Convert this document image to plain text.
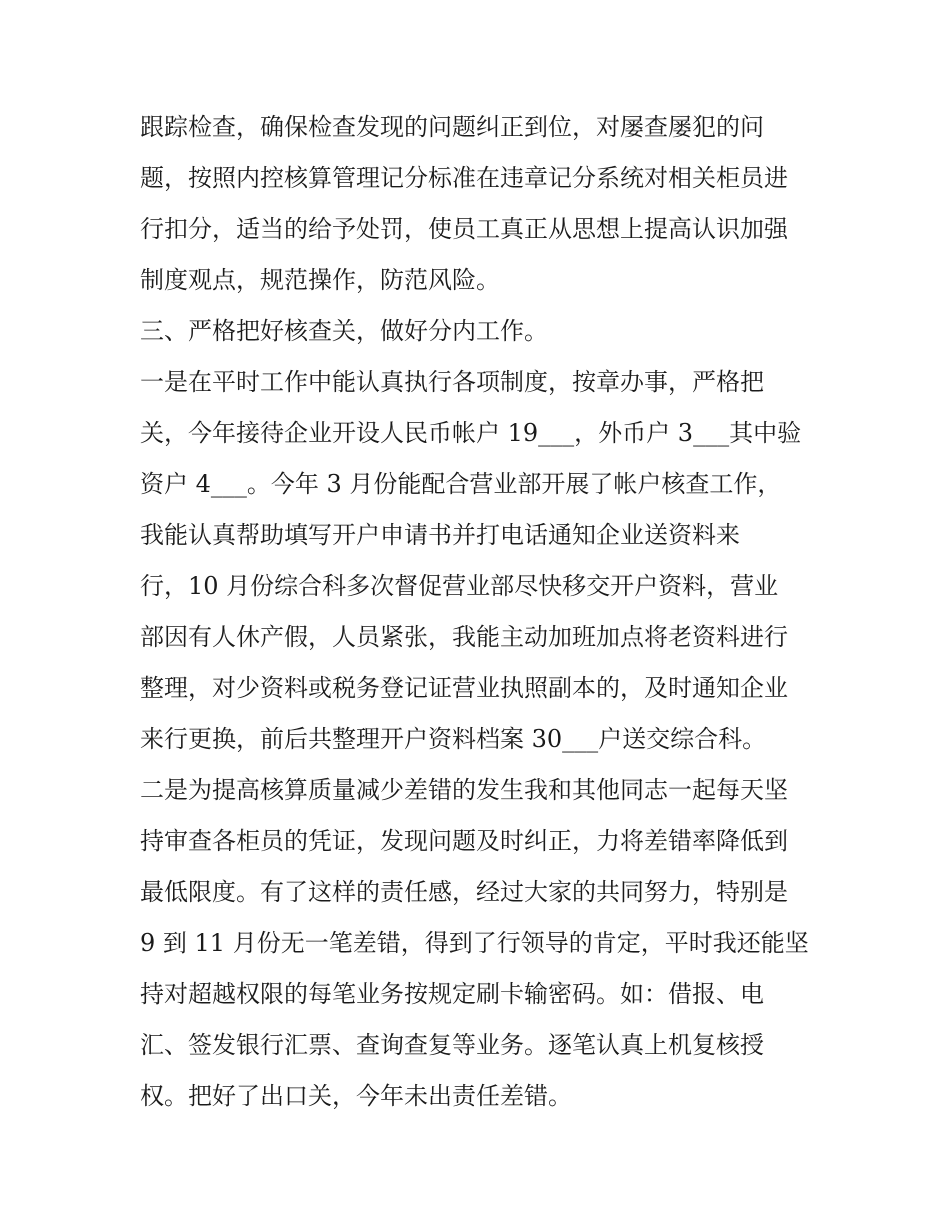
跟踪检查，确保检查发现的问题纠正到位，对屡查屡犯的问
题，按照内控核算管理记分标准在违章记分系统对相关柜员进
行扣分，适当的给予处罚，使员工真正从思想上提高认识加强
制度观点，规范操作，防范风险。
三、严格把好核查关，做好分内工作。
一是在平时工作中能认真执行各项制度，按章办事，严格把
关，今年接待企业开设人民币帐户 19___，外币户 3___其中验
资户 4___。今年 3 月份能配合营业部开展了帐户核查工作，
我能认真帮助填写开户申请书并打电话通知企业送资料来
行，10 月份综合科多次督促营业部尽快移交开户资料，营业
部因有人休产假，人员紧张，我能主动加班加点将老资料进行
整理，对少资料或税务登记证营业执照副本的，及时通知企业
来行更换，前后共整理开户资料档案 30___户送交综合科。
二是为提高核算质量减少差错的发生我和其他同志一起每天坚
持审查各柜员的凭证，发现问题及时纠正，力将差错率降低到
最低限度。有了这样的责任感，经过大家的共同努力，特别是
9 到 11 月份无一笔差错，得到了行领导的肯定，平时我还能坚
持对超越权限的每笔业务按规定刷卡输密码。如：借报、电
汇、签发银行汇票、查询查复等业务。逐笔认真上机复核授
权。把好了出口关，今年未出责任差错。
